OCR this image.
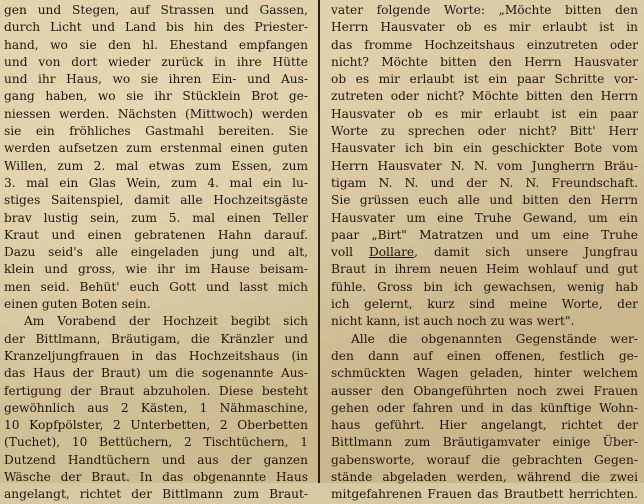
gen und Stegen, auf Strassen und Gassen,
durch Licht und Land bis hin des Priester-
hand, wo sie den hl. Ehestand empfangen
und von dort wieder zurück in ihre Hütte
und ihr Haus, wo sie ihren Ein- und Aus-
gang haben, wo sie ihr Stücklein Brot ge-
niessen werden. Nächsten (Mittwoch) werden
sie ein fröhliches Gastmahl bereiten. Sie
werden aufsetzen zum erstenmal einen guten
Willen, zum 2. mal etwas zum Essen, zum
3. mal ein Glas Wein, zum 4. mal ein lu-
stiges Saitenspiel, damit alle Hochzeitsgäste
brav lustig sein, zum 5. mal einen Teller
Kraut und einen gebratenen Hahn darauf.
Dazu seid's alle eingeladen jung und alt,
klein und gross, wie ihr im Hause beisam-
men seid. Behüt' euch Gott und lasst mich
einen guten Boten sein.
Am Vorabend der Hochzeit begibt sich
der Bittlmann, Bräutigam, die Kränzler und
Kranzeljungfrauen in das Hochzeitshaus (in
das Haus der Braut) um die sogenannte Aus-
fertigung der Braut abzuholen. Diese besteht
gewöhnlich aus 2 Kästen, 1 Nähmaschine,
10 Kopfpölster, 2 Unterbetten, 2 Oberbetten
(Tuchet), 10 Bettüchern, 2 Tischtüchern, 1
Dutzend Handtüchern und aus der ganzen
Wäsche der Braut. In das obgenannte Haus
angelangt, richtet der Bittlmann zum Braut-
vater folgende Worte: „Möchte bitten den
Herrn Hausvater ob es mir erlaubt ist in
das fromme Hochzeitshaus einzutreten oder
nicht? Möchte bitten den Herrn Hausvater
ob es mir erlaubt ist ein paar Schritte vor-
zutreten oder nicht? Möchte bitten den Herrn
Hausvater ob es mir erlaubt ist ein paar
Worte zu sprechen oder nicht? Bitt' Herr
Hausvater ich bin ein geschickter Bote vom
Herrn Hausvater N. N. vom Jungherrn Bräu-
tigam N. N. und der N. N. Freundschaft.
Sie grüssen euch alle und bitten den Herrn
Hausvater um eine Truhe Gewand, um ein
paar „Birt" Matratzen und um eine Truhe
voll Dollare, damit sich unsere Jungfrau
Braut in ihrem neuen Heim wohlauf und gut
fühle. Gross bin ich gewachsen, wenig hab
ich gelernt, kurz sind meine Worte, der
nicht kann, ist auch noch zu was wert".
Alle die obgenannten Gegenstände wer-
den dann auf einen offenen, festlich ge-
schmückten Wagen geladen, hinter welchem
ausser den Obangeführten noch zwei Frauen
gehen oder fahren und in das künftige Wohn-
haus geführt. Hier angelangt, richtet der
Bittlmann zum Bräutigamvater einige Über-
gabensworte, worauf die gebrachten Gegen-
stände abgeladen werden, während die zwei
mitgefahrenen Frauen das Brautbett herrichten.
